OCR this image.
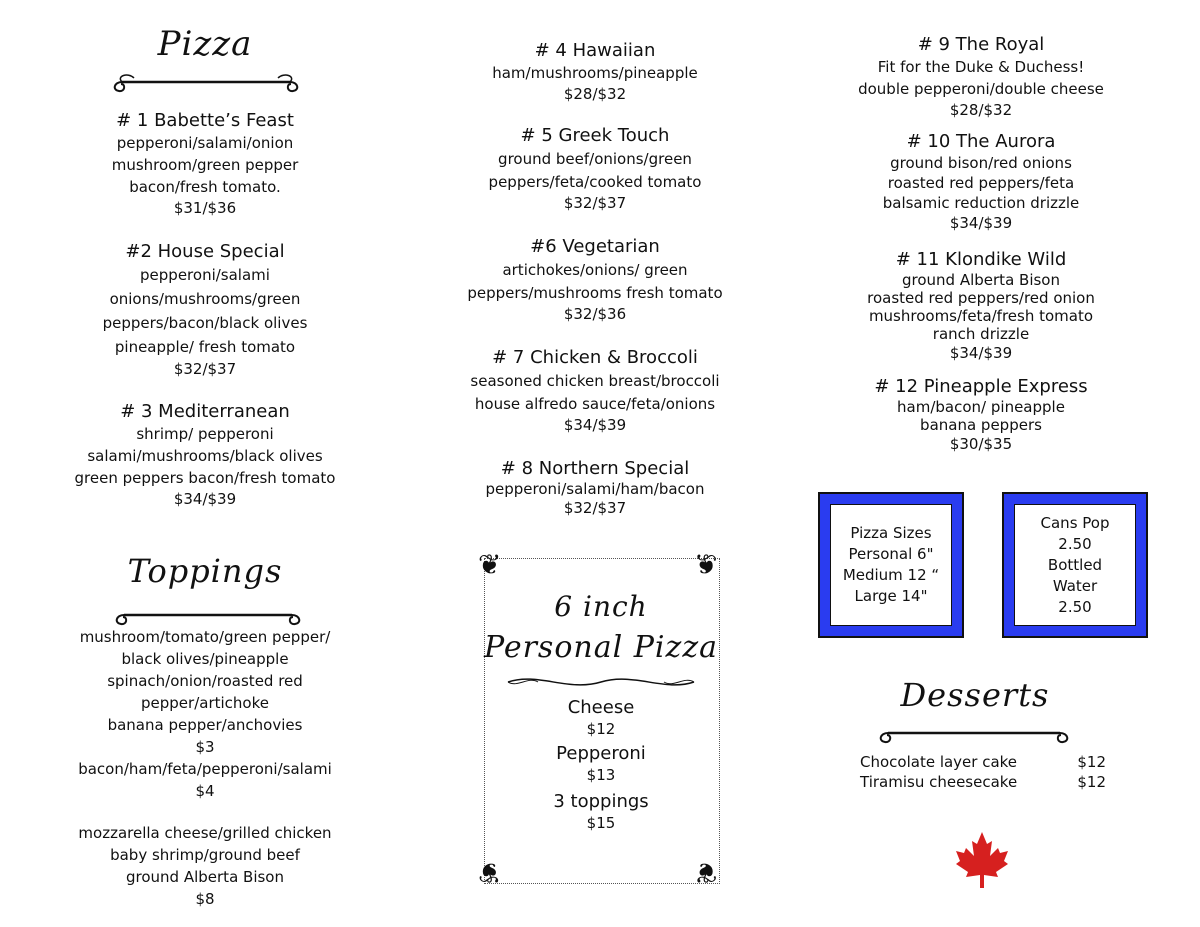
Pizza

# 1 Babette’s Feast

pepperoni/salami/onion

mushroom/green pepper

bacon/fresh tomato.

$31/$36

#2 House Special

pepperoni/salami

onions/mushrooms/green

peppers/bacon/black olives

pineapple/ fresh tomato

$32/$37

# 3 Mediterranean

shrimp/ pepperoni

salami/mushrooms/black olives

green peppers bacon/fresh tomato

$34/$39

Toppings

mushroom/tomato/green pepper/

black olives/pineapple

spinach/onion/roasted red

pepper/artichoke

banana pepper/anchovies

$3

bacon/ham/feta/pepperoni/salami

$4

mozzarella cheese/grilled chicken

baby shrimp/ground beef

ground Alberta Bison

$8

# 4 Hawaiian

ham/mushrooms/pineapple

$28/$32

# 5 Greek Touch

ground beef/onions/green

peppers/feta/cooked tomato

$32/$37

#6 Vegetarian

artichokes/onions/ green

peppers/mushrooms fresh tomato

$32/$36

# 7 Chicken & Broccoli

seasoned chicken breast/broccoli

house alfredo sauce/feta/onions

$34/$39

# 8 Northern Special

pepperoni/salami/ham/bacon

$32/$37

❦	❦
❦	❦
6 inch
Personal Pizza

Cheese

$12

Pepperoni

$13

3 toppings

$15

# 9 The Royal

Fit for the Duke & Duchess!

double pepperoni/double cheese

$28/$32

# 10 The Aurora

ground bison/red onions

roasted red peppers/feta

balsamic reduction drizzle

$34/$39

# 11 Klondike Wild

ground Alberta Bison

roasted red peppers/red onion

mushrooms/feta/fresh tomato

ranch drizzle

$34/$39

# 12 Pineapple Express

ham/bacon/ pineapple

banana peppers

$30/$35

Pizza Sizes
Personal 6"
Medium 12 “
Large 14"
Cans Pop
2.50
Bottled
Water
2.50
Desserts
Chocolate layer cake	$12
Tiramisu cheesecake	$12
